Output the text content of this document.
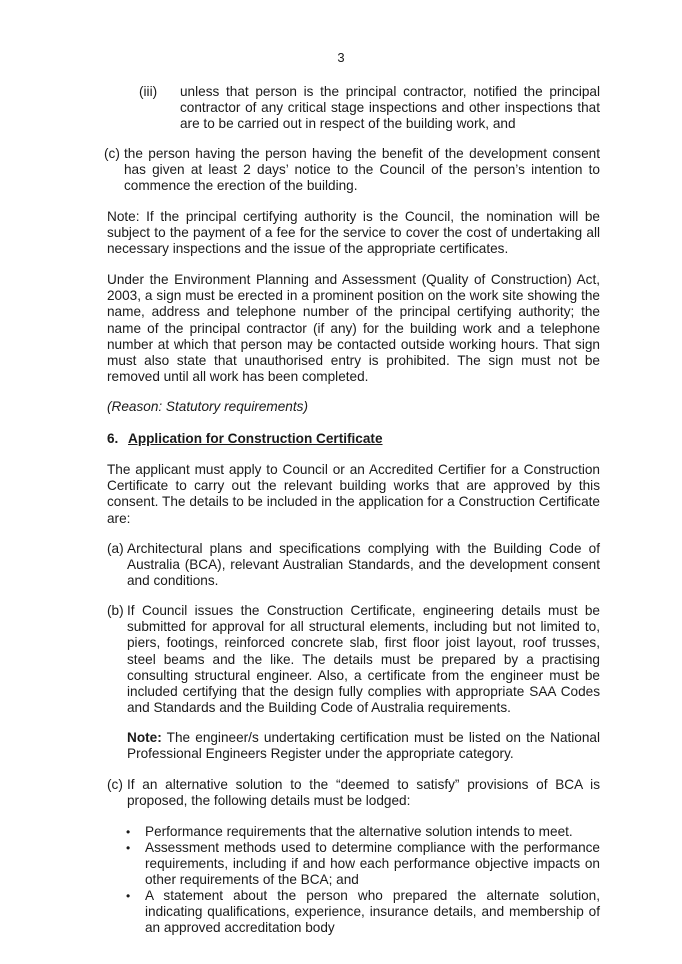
3
(iii) unless that person is the principal contractor, notified the principal contractor of any critical stage inspections and other inspections that are to be carried out in respect of the building work, and
(c) the person having the person having the benefit of the development consent has given at least 2 days’ notice to the Council of the person’s intention to commence the erection of the building.
Note: If the principal certifying authority is the Council, the nomination will be subject to the payment of a fee for the service to cover the cost of undertaking all necessary inspections and the issue of the appropriate certificates.
Under the Environment Planning and Assessment (Quality of Construction) Act, 2003, a sign must be erected in a prominent position on the work site showing the name, address and telephone number of the principal certifying authority; the name of the principal contractor (if any) for the building work and a telephone number at which that person may be contacted outside working hours. That sign must also state that unauthorised entry is prohibited. The sign must not be removed until all work has been completed.
(Reason: Statutory requirements)
6. Application for Construction Certificate
The applicant must apply to Council or an Accredited Certifier for a Construction Certificate to carry out the relevant building works that are approved by this consent. The details to be included in the application for a Construction Certificate are:
(a) Architectural plans and specifications complying with the Building Code of Australia (BCA), relevant Australian Standards, and the development consent and conditions.
(b) If Council issues the Construction Certificate, engineering details must be submitted for approval for all structural elements, including but not limited to, piers, footings, reinforced concrete slab, first floor joist layout, roof trusses, steel beams and the like. The details must be prepared by a practising consulting structural engineer. Also, a certificate from the engineer must be included certifying that the design fully complies with appropriate SAA Codes and Standards and the Building Code of Australia requirements.
Note: The engineer/s undertaking certification must be listed on the National Professional Engineers Register under the appropriate category.
(c) If an alternative solution to the “deemed to satisfy” provisions of BCA is proposed, the following details must be lodged:
• Performance requirements that the alternative solution intends to meet.
• Assessment methods used to determine compliance with the performance requirements, including if and how each performance objective impacts on other requirements of the BCA; and
• A statement about the person who prepared the alternate solution, indicating qualifications, experience, insurance details, and membership of an approved accreditation body
